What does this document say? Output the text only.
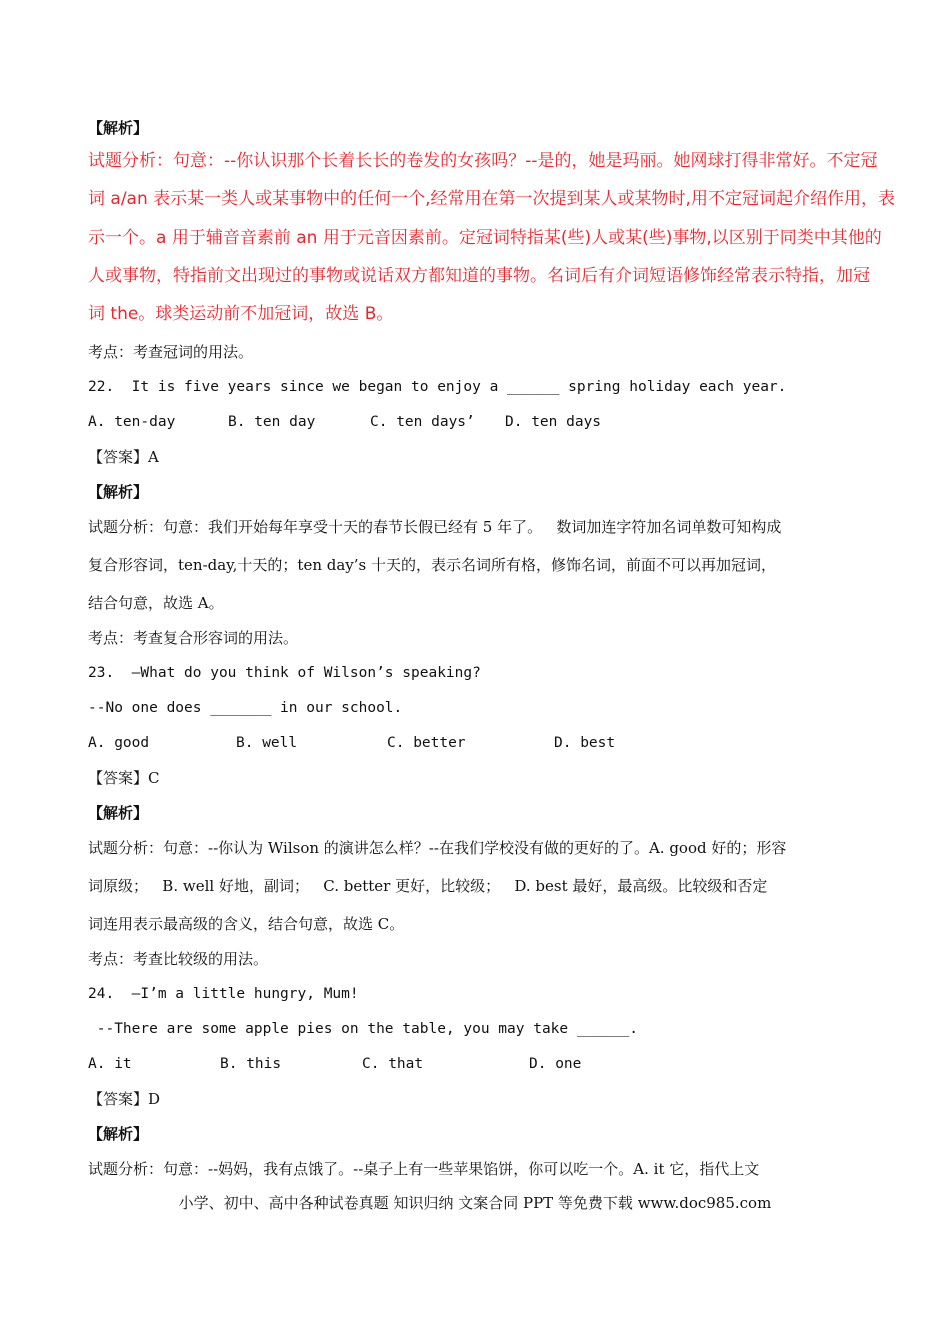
【解析】
试题分析：句意：--你认识那个长着长长的卷发的女孩吗？--是的，她是玛丽。她网球打得非常好。不定冠
词 a/an 表示某一类人或某事物中的任何一个,经常用在第一次提到某人或某物时,用不定冠词起介绍作用，表
示一个。a 用于辅音音素前 an 用于元音因素前。定冠词特指某(些)人或某(些)事物,以区别于同类中其他的
人或事物，特指前文出现过的事物或说话双方都知道的事物。名词后有介词短语修饰经常表示特指，加冠
词 the。球类运动前不加冠词，故选 B。
考点：考查冠词的用法。
22.  It is five years since we began to enjoy a ______ spring holiday each year.

A. ten-day

	B. ten day

	C. ten days’

D. ten days

【答案】A
【解析】
试题分析：句意：我们开始每年享受十天的春节长假已经有 5 年了。   数词加连字符加名词单数可知构成
复合形容词，ten-day,十天的；ten day’s 十天的，表示名词所有格，修饰名词，前面不可以再加冠词，
结合句意，故选 A。
考点：考查复合形容词的用法。
23.  –What do you think of Wilson’s speaking?
--No one does _______ in our school.

A. good

	B. well

	C. better

	D. best

【答案】C
【解析】
试题分析：句意：--你认为 Wilson 的演讲怎么样？--在我们学校没有做的更好的了。A. good 好的；形容
词原级；   B. well 好地，副词；   C. better 更好，比较级；   D. best 最好，最高级。比较级和否定
词连用表示最高级的含义，结合句意，故选 C。
考点：考查比较级的用法。
24.  –I’m a little hungry, Mum!
--There are some apple pies on the table, you may take ______.

A. it

	B. this

	C. that

	D. one

【答案】D
【解析】
试题分析：句意：--妈妈，我有点饿了。--桌子上有一些苹果馅饼，你可以吃一个。A. it 它，指代上文
小学、初中、高中各种试卷真题 知识归纳 文案合同 PPT 等免费下载 www.doc985.com
